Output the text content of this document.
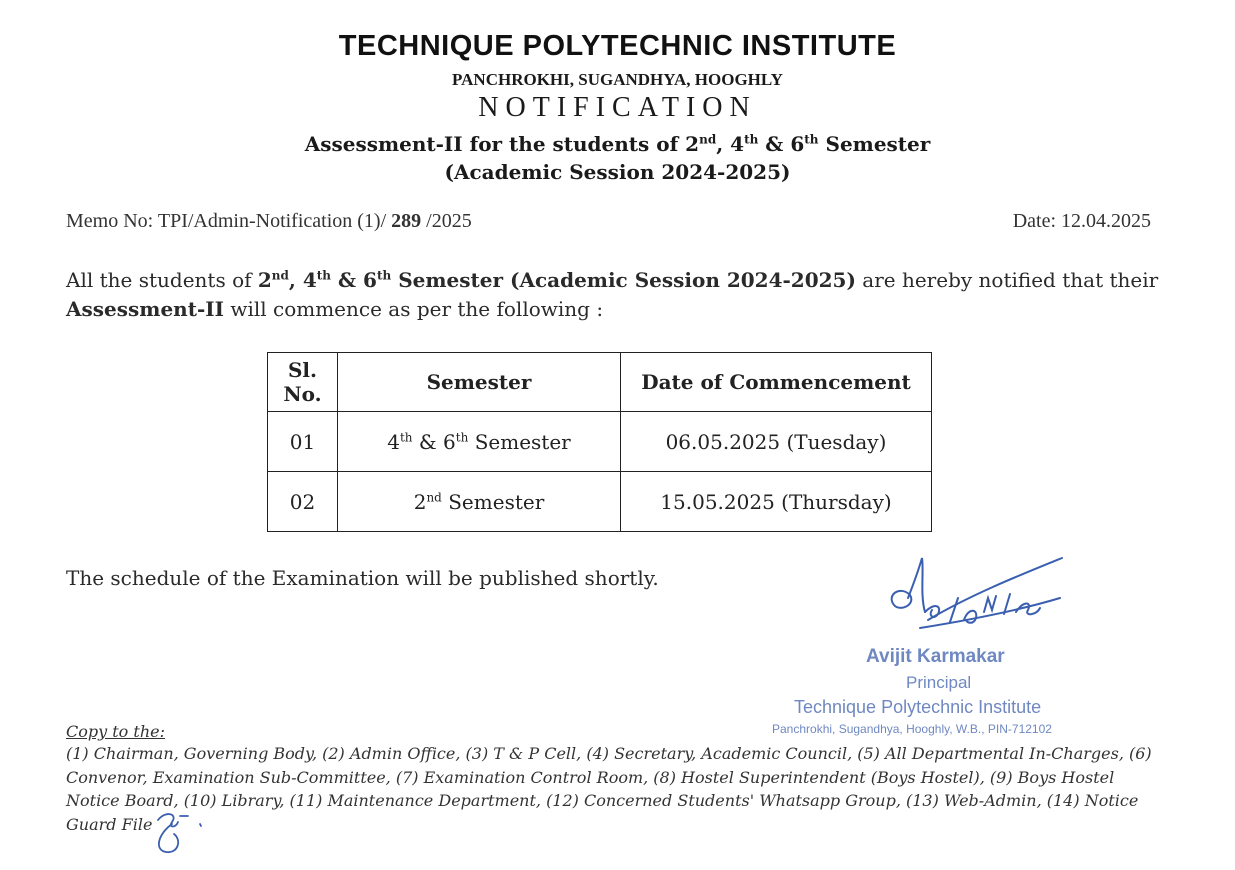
TECHNIQUE POLYTECHNIC INSTITUTE
PANCHROKHI, SUGANDHYA, HOOGHLY
NOTIFICATION
Assessment-II for the students of 2nd, 4th & 6th Semester
(Academic Session 2024-2025)
Memo No: TPI/Admin-Notification (1)/ 289 /2025	Date: 12.04.2025
All the students of 2nd, 4th & 6th Semester (Academic Session 2024-2025) are hereby notified that their Assessment-II will commence as per the following :
Sl. No.	Semester	Date of Commencement
01	4th & 6th Semester	06.05.2025 (Tuesday)
02	2nd Semester	15.05.2025 (Thursday)
The schedule of the Examination will be published shortly.
Avijit Karmakar
Principal
Technique Polytechnic Institute
Panchrokhi, Sugandhya, Hooghly, W.B., PIN-712102
Copy to the:
(1) Chairman, Governing Body, (2) Admin Office, (3) T & P Cell, (4) Secretary, Academic Council, (5) All Departmental In-Charges, (6) Convenor, Examination Sub-Committee, (7) Examination Control Room, (8) Hostel Superintendent (Boys Hostel), (9) Boys Hostel Notice Board, (10) Library, (11) Maintenance Department, (12) Concerned Students' Whatsapp Group, (13) Web-Admin, (14) Notice Guard File
